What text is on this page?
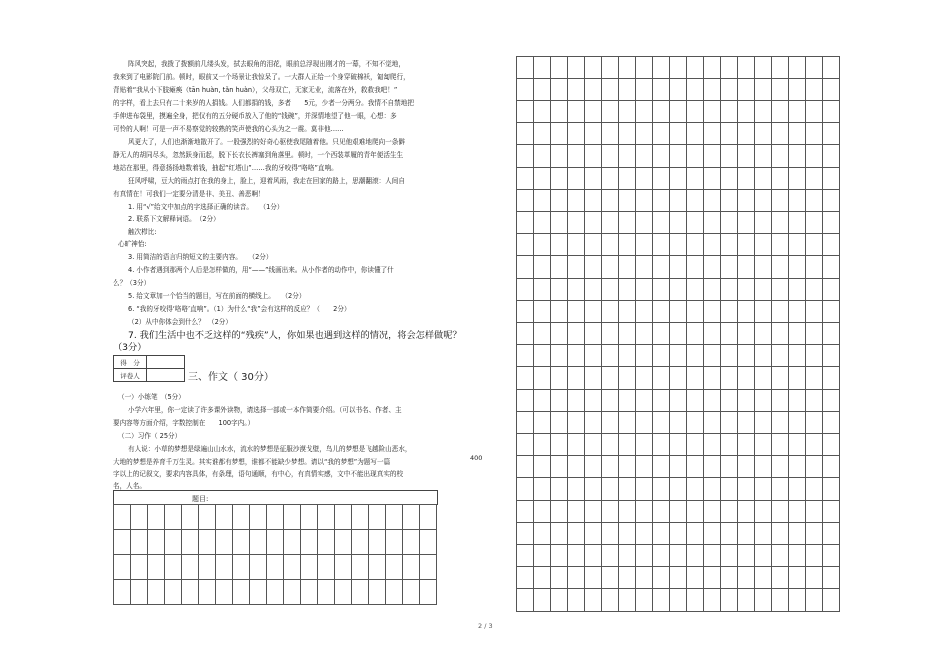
阵风突起，我拨了拨额前几缕头发，拭去眼角的泪花，眼前总浮现出刚才的一幕，不知不觉地，
我来到了电影院门前。顿时，眼前又一个场景让我惊呆了。一大群人正给一个身穿破棉袄，匍匐爬行，
背贴着“我从小下肢瘫痪（tān huàn, tǎn huàn），父母双亡，无家无业，流落在外，救救我吧！”
的字样，看上去只有二十来岁的人捐钱。人们都捐的钱，多者　　5元，少者一分两分。我情不自禁地把
手伸进布袋里，摸遍全身，把仅有的五分硬币放入了他的“钱碗”，并深情地望了他一眼，心想：多
可怜的人啊！可是一声不易察觉的较熟的笑声使我的心头为之一震。莫非他……
风更大了，人们也渐渐地散开了。一股强烈的好奇心驱使我尾随着他。只见他艰难地爬向一条僻
静无人的胡同尽头，忽然跃身而起，脱下长衣长裤塞到角落里。顿时，一个西装革履的青年便活生生
地站在那里，得意扬扬地数着钱，抽起“红塔山”……我的牙咬得“咯咯”直响。
狂风呼啸，豆大的雨点打在我的身上，脸上，迎着风雨，我走在回家的路上，思潮翻滚：人间自
有真情在！可我们一定要分清是非、美丑、善恶啊！
1. 用“√”给文中加点的字选择正确的读音。　　（1分）
2. 联系下文解释词语。　（2分）
触次栉比:
心旷神怡:
3. 用简洁的语言归纳短文的主要内容。　　（2分）
4. 小作者遇到那两个人后是怎样做的，用“——”线画出来。从小作者的动作中，你读懂了什
么？（3分）
5. 给文章加一个恰当的题目，写在前面的横线上。　　（2分）
6. “我的牙咬得‘咯咯’直响”。（1）为什么“我”会有这样的反应？（　　2分）
（2）从中你体会到什么？　（2分）
7. 我们生活中也不乏这样的“残疾”人，你如果也遇到这样的情况，将会怎样做呢？
（3分）
得　分	
评卷人		三、作文（ 30分）
（一）小练笔　（5分）
小学六年里，你一定读了许多课外读物，请选择一部或一本作简要介绍。（可以书名、作者、主
要内容等方面介绍，字数控制在　　100字内。）
（二）习作（ 25分）
有人说：小草的梦想是绿遍山山水水，流水的梦想是征服沙漠戈壁，鸟儿的梦想是飞越险山恶水，
大地的梦想是养育千万生灵。其实谁都有梦想，谁都不能缺少梦想。请以“我的梦想”为题写一篇
字以上的记叙文，要求内容具体，有条理，语句通顺，有中心，有真情实感，文中不能出现真实的校
名，人名。
题目:
400
2 / 3
